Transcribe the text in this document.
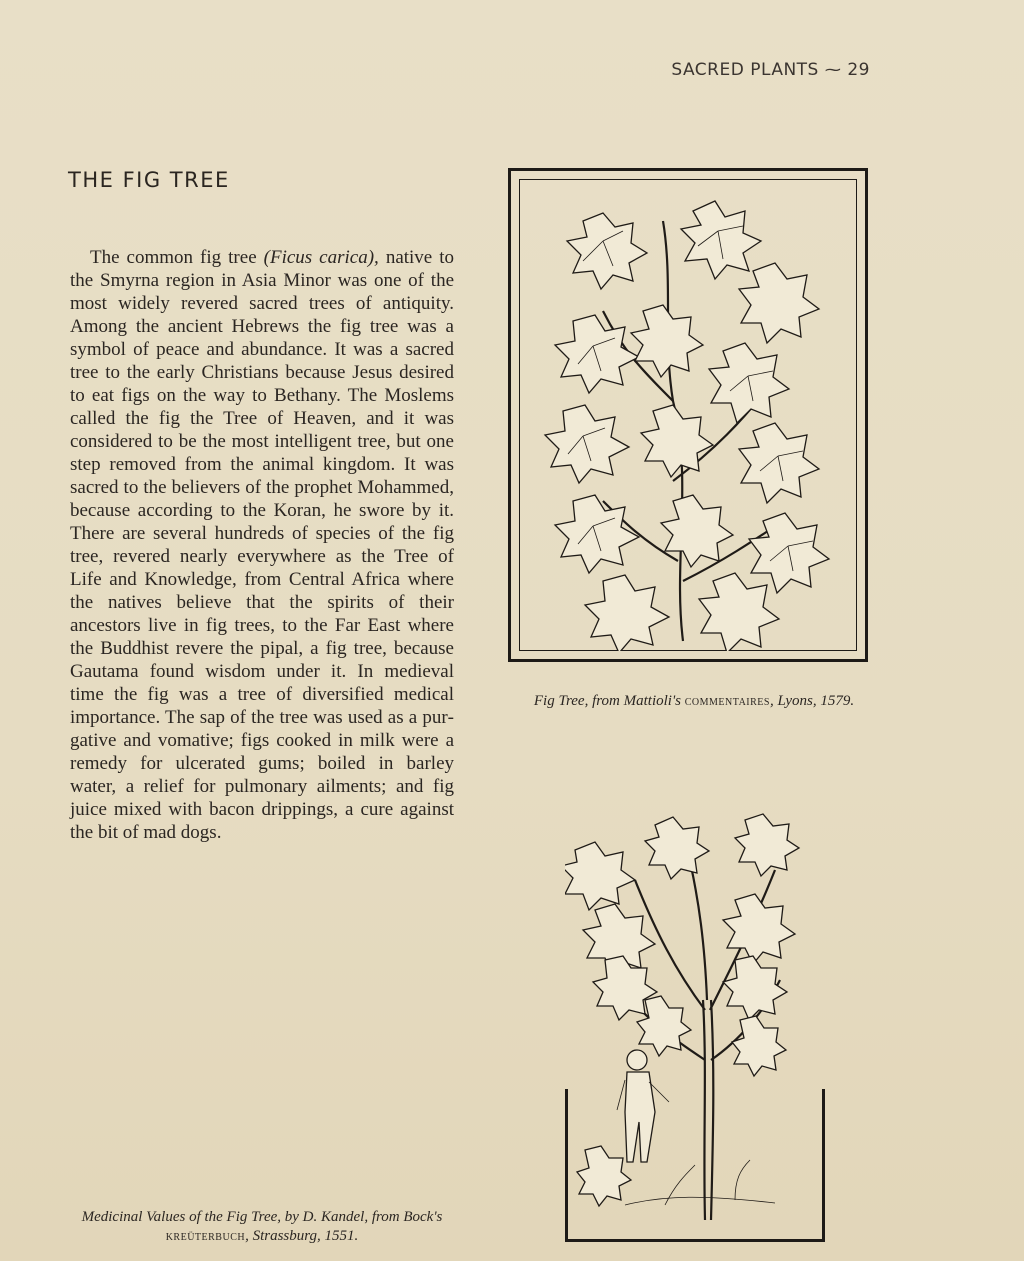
SACRED PLANTS ⁓ 29
THE FIG TREE

The common fig tree (Ficus carica), native to the Smyrna region in Asia Minor was one of the most widely revered sacred trees of antiquity. Among the ancient Hebrews the fig tree was a symbol of peace and abundance. It was a sacred tree to the early Christians because Jesus desired to eat figs on the way to Bethany. The Moslems called the fig the Tree of Heaven, and it was considered to be the most intelligent tree, but one step removed from the animal kingdom. It was sacred to the believers of the prophet Mohammed, because according to the Koran, he swore by it. There are several hundreds of species of the fig tree, revered nearly everywhere as the Tree of Life and Knowledge, from Central Africa where the natives believe that the spirits of their ancestors live in fig trees, to the Far East where the Buddhist revere the pipal, a fig tree, because Gautama found wisdom under it. In medieval time the fig was a tree of diversified medical importance. The sap of the tree was used as a purgative and vomative; figs cooked in milk were a remedy for ulcerated gums; boiled in barley water, a relief for pulmonary ailments; and fig juice mixed with bacon drippings, a cure against the bit of mad dogs.

Fig Tree, from Mattioli's commentaires, Lyons, 1579.
Medicinal Values of the Fig Tree, by D. Kandel, from Bock's kreüterbuch, Strassburg, 1551.
